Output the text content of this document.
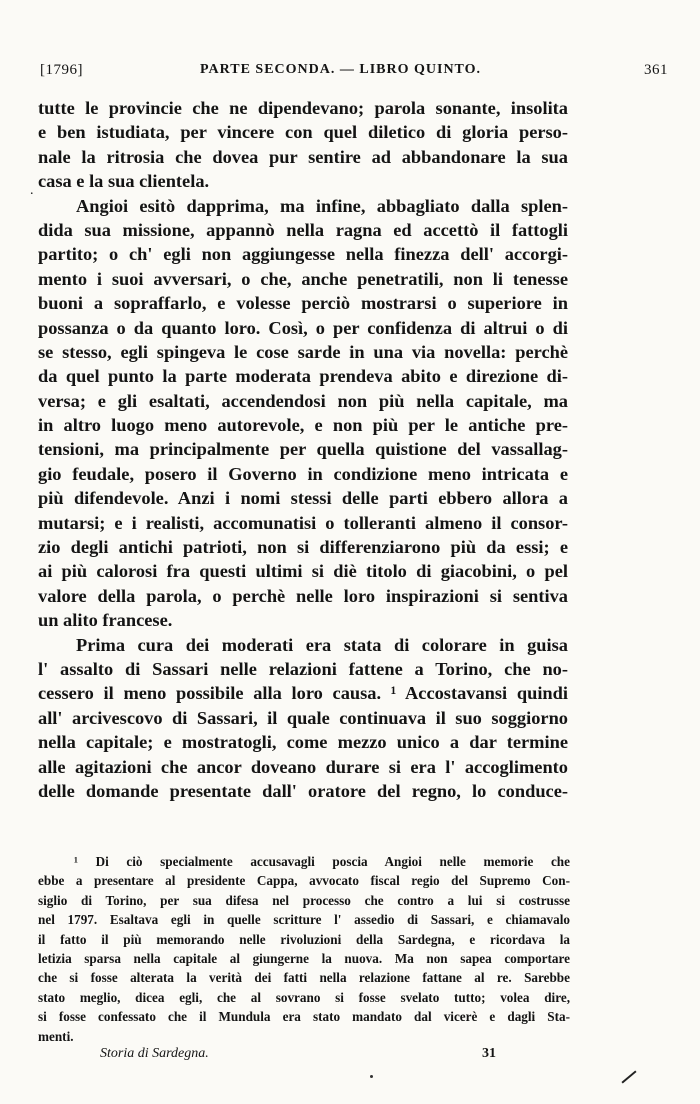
[1796]	PARTE SECONDA. — LIBRO QUINTO.	361
.
tutte le provincie che ne dipendevano; parola sonante, insolita
e ben istudiata, per vincere con quel diletico di gloria perso-
nale la ritrosia che dovea pur sentire ad abbandonare la sua
casa e la sua clientela.
Angioi esitò dapprima, ma infine, abbagliato dalla splen-
dida sua missione, appannò nella ragna ed accettò il fattogli
partito; o ch' egli non aggiungesse nella finezza dell' accorgi-
mento i suoi avversari, o che, anche penetratili, non li tenesse
buoni a sopraffarlo, e volesse perciò mostrarsi o superiore in
possanza o da quanto loro. Così, o per confidenza di altrui o di
se stesso, egli spingeva le cose sarde in una via novella: perchè
da quel punto la parte moderata prendeva abito e direzione di-
versa; e gli esaltati, accendendosi non più nella capitale, ma
in altro luogo meno autorevole, e non più per le antiche pre-
tensioni, ma principalmente per quella quistione del vassallag-
gio feudale, posero il Governo in condizione meno intricata e
più difendevole. Anzi i nomi stessi delle parti ebbero allora a
mutarsi; e i realisti, accomunatisi o tolleranti almeno il consor-
zio degli antichi patrioti, non si differenziarono più da essi; e
ai più calorosi fra questi ultimi si diè titolo di giacobini, o pel
valore della parola, o perchè nelle loro inspirazioni si sentiva
un alito francese.
Prima cura dei moderati era stata di colorare in guisa
l' assalto di Sassari nelle relazioni fattene a Torino, che no-
cessero il meno possibile alla loro causa. ¹ Accostavansi quindi
all' arcivescovo di Sassari, il quale continuava il suo soggiorno
nella capitale; e mostratogli, come mezzo unico a dar termine
alle agitazioni che ancor doveano durare si era l' accoglimento
delle domande presentate dall' oratore del regno, lo conduce-
¹ Di ciò specialmente accusavagli poscia Angioi nelle memorie che
ebbe a presentare al presidente Cappa, avvocato fiscal regio del Supremo Con-
siglio di Torino, per sua difesa nel processo che contro a lui si costrusse
nel 1797. Esaltava egli in quelle scritture l' assedio di Sassari, e chiamavalo
il fatto il più memorando nelle rivoluzioni della Sardegna, e ricordava la
letizia sparsa nella capitale al giungerne la nuova. Ma non sapea comportare
che si fosse alterata la verità dei fatti nella relazione fattane al re. Sarebbe
stato meglio, dicea egli, che al sovrano si fosse svelato tutto; volea dire,
si fosse confessato che il Mundula era stato mandato dal vicerè e dagli Sta-
menti.
Storia di Sardegna.	31
